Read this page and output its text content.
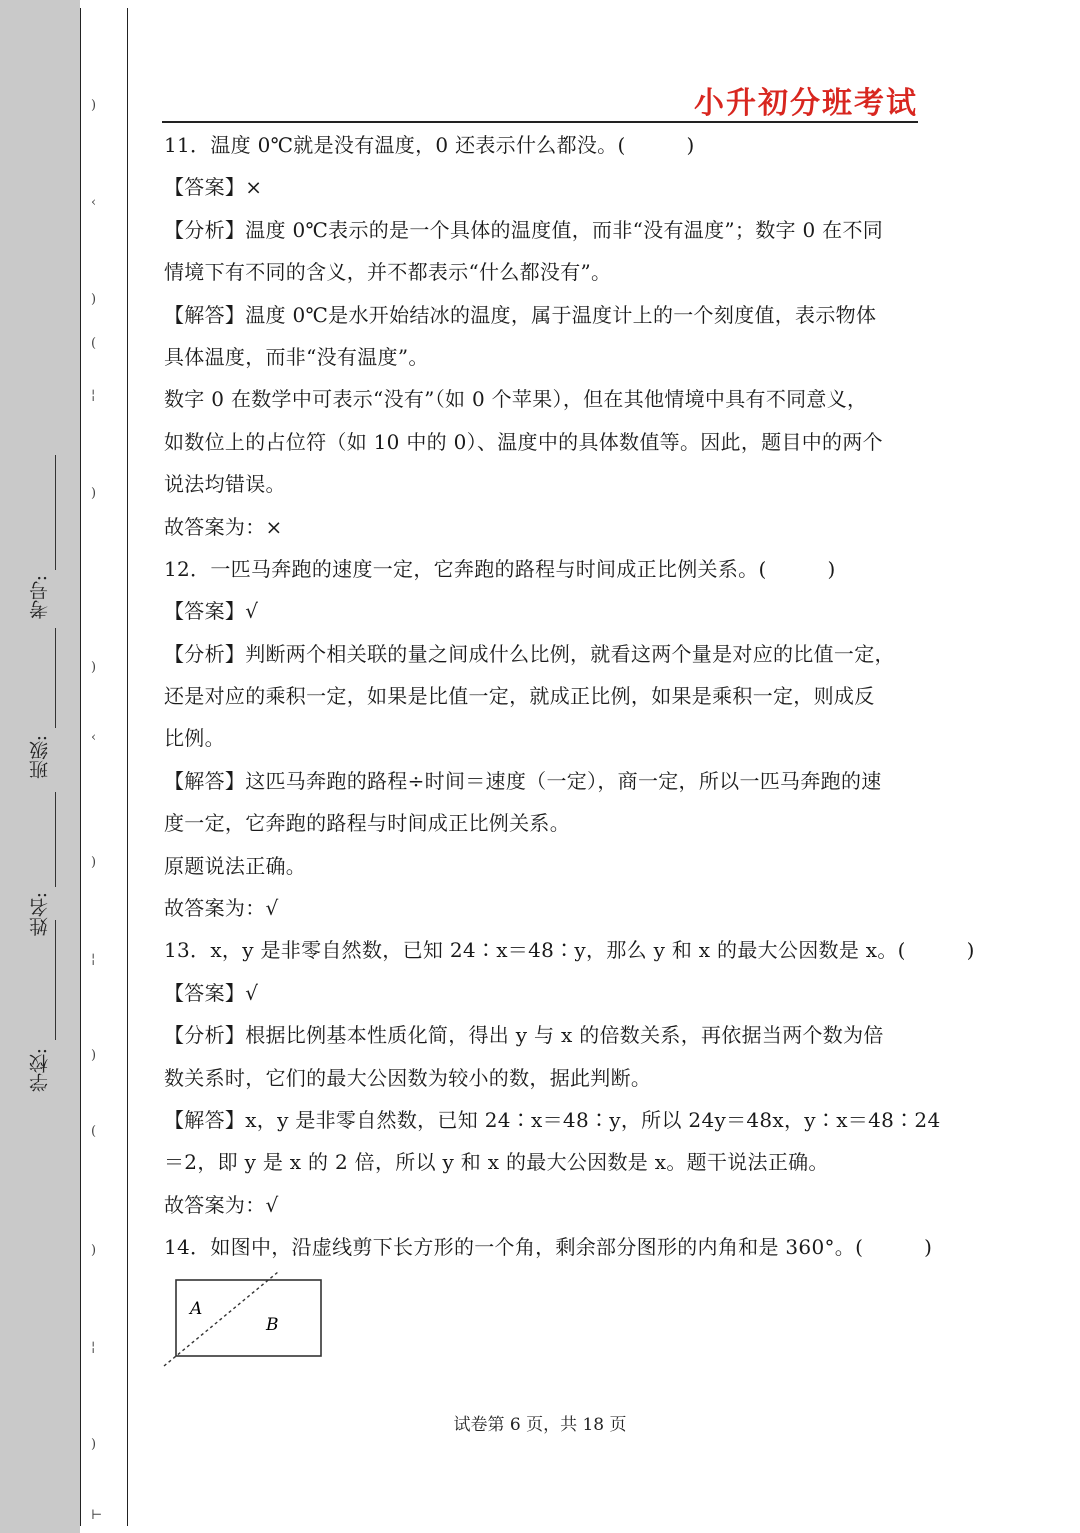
)
‹
)
(
¦
)
)
‹
)
¦
)
(
)
¦
)
⊢
学校:
姓名:
班级:
考号:
小升初分班考试
11．温度 0℃就是没有温度，0 还表示什么都没。(　　　)
【答案】×
【分析】温度 0℃表示的是一个具体的温度值，而非“没有温度”；数字 0 在不同
情境下有不同的含义，并不都表示“什么都没有”。
【解答】温度 0℃是水开始结冰的温度，属于温度计上的一个刻度值，表示物体
具体温度，而非“没有温度”。
数字 0 在数学中可表示“没有”（如 0 个苹果），但在其他情境中具有不同意义，
如数位上的占位符（如 10 中的 0）、温度中的具体数值等。因此，题目中的两个
说法均错误。
故答案为：×
12．一匹马奔跑的速度一定，它奔跑的路程与时间成正比例关系。(　　　)
【答案】√
【分析】判断两个相关联的量之间成什么比例，就看这两个量是对应的比值一定，
还是对应的乘积一定，如果是比值一定，就成正比例，如果是乘积一定，则成反
比例。
【解答】这匹马奔跑的路程÷时间＝速度（一定），商一定，所以一匹马奔跑的速
度一定，它奔跑的路程与时间成正比例关系。
原题说法正确。
故答案为：√
13．x，y 是非零自然数，已知 24∶x＝48∶y，那么 y 和 x 的最大公因数是 x。(　　　)
【答案】√
【分析】根据比例基本性质化简，得出 y 与 x 的倍数关系，再依据当两个数为倍
数关系时，它们的最大公因数为较小的数，据此判断。
【解答】x，y 是非零自然数，已知 24∶x＝48∶y，所以 24y＝48x，y∶x＝48∶24
＝2，即 y 是 x 的 2 倍，所以 y 和 x 的最大公因数是 x。题干说法正确。
故答案为：√
14．如图中，沿虚线剪下长方形的一个角，剩余部分图形的内角和是 360°。(　　　)
A
B
试卷第 6 页，共 18 页
